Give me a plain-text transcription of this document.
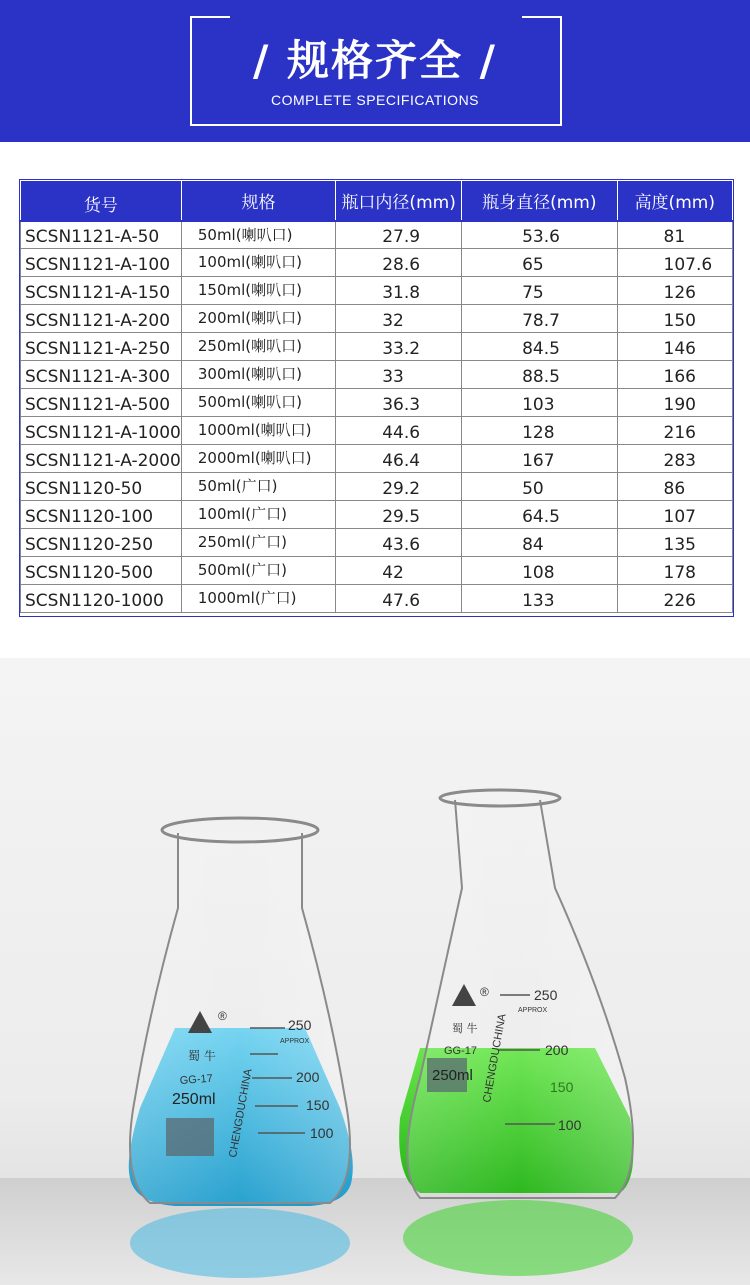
/ 规格齐全 /
COMPLETE SPECIFICATIONS
货号	规格	瓶口内径(mm)	瓶身直径(mm)	高度(mm)
SCSN1121-A-50	50ml(喇叭口)	27.9	53.6	81
SCSN1121-A-100	100ml(喇叭口)	28.6	65	107.6
SCSN1121-A-150	150ml(喇叭口)	31.8	75	126
SCSN1121-A-200	200ml(喇叭口)	32	78.7	150
SCSN1121-A-250	250ml(喇叭口)	33.2	84.5	146
SCSN1121-A-300	300ml(喇叭口)	33	88.5	166
SCSN1121-A-500	500ml(喇叭口)	36.3	103	190
SCSN1121-A-1000	1000ml(喇叭口)	44.6	128	216
SCSN1121-A-2000	2000ml(喇叭口)	46.4	167	283
SCSN1120-50	50ml(广口)	29.2	50	86
SCSN1120-100	100ml(广口)	29.5	64.5	107
SCSN1120-250	250ml(广口)	43.6	84	135
SCSN1120-500	500ml(广口)	42	108	178
SCSN1120-1000	1000ml(广口)	47.6	133	226
250
APPROX
200
150
100
®
蜀 牛
GG-17
250ml CHENGDUCHINA
250
APPROX
200
150
100
®
蜀 牛
GG-17
250ml CHENGDUCHINA
